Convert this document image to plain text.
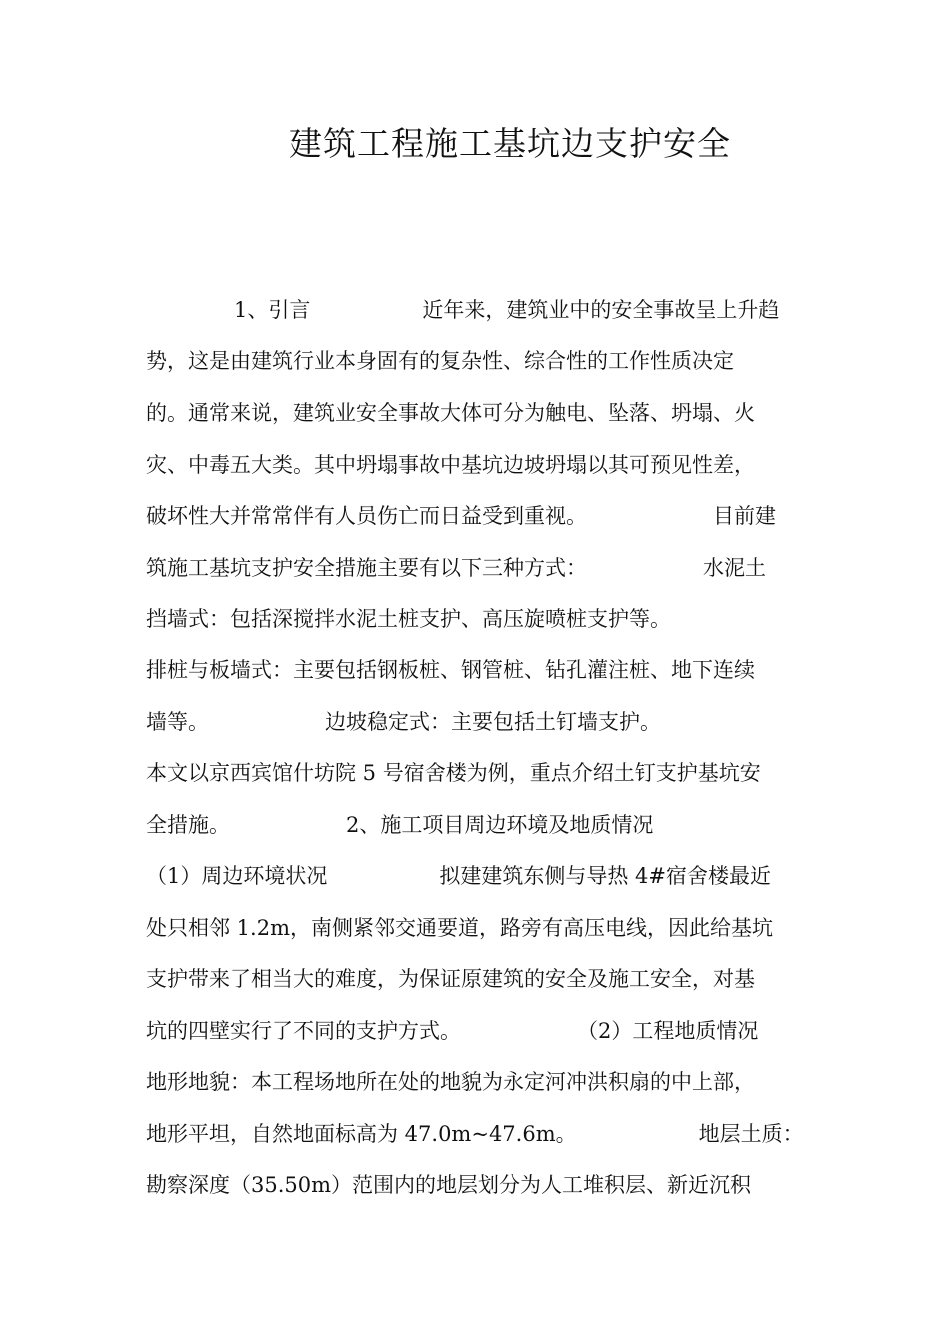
建筑工程施工基坑边支护安全
1、引言	近年来，建筑业中的安全事故呈上升趋
势，这是由建筑行业本身固有的复杂性、综合性的工作性质决定
的。通常来说，建筑业安全事故大体可分为触电、坠落、坍塌、火
灾、中毒五大类。其中坍塌事故中基坑边坡坍塌以其可预见性差，
破坏性大并常常伴有人员伤亡而日益受到重视。	目前建
筑施工基坑支护安全措施主要有以下三种方式：	水泥土
挡墙式：包括深搅拌水泥土桩支护、高压旋喷桩支护等。
排桩与板墙式：主要包括钢板桩、钢管桩、钻孔灌注桩、地下连续
墙等。	边坡稳定式：主要包括土钉墙支护。
本文以京西宾馆什坊院 5 号宿舍楼为例，重点介绍土钉支护基坑安
全措施。	2、施工项目周边环境及地质情况
（1）周边环境状况	拟建建筑东侧与导热 4#宿舍楼最近
处只相邻 1.2m，南侧紧邻交通要道，路旁有高压电线，因此给基坑
支护带来了相当大的难度，为保证原建筑的安全及施工安全，对基
坑的四壁实行了不同的支护方式。	（2）工程地质情况
地形地貌：本工程场地所在处的地貌为永定河冲洪积扇的中上部，
地形平坦，自然地面标高为 47.0m~47.6m。	地层土质：
勘察深度（35.50m）范围内的地层划分为人工堆积层、新近沉积
